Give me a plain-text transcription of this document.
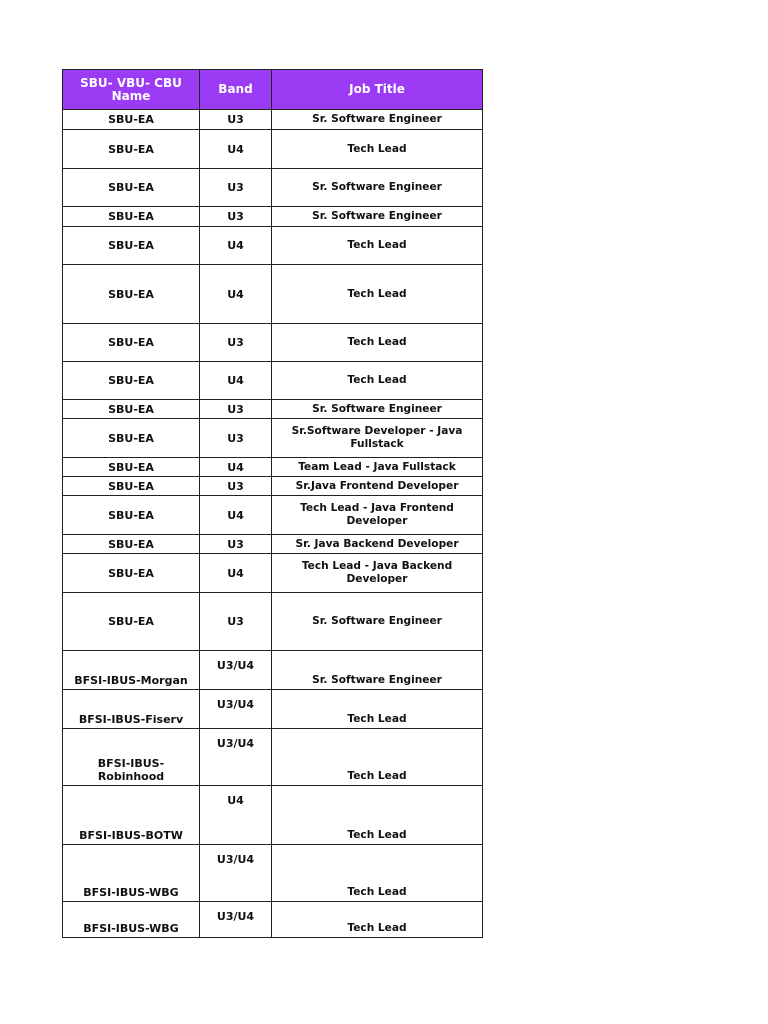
SBU- VBU- CBU Name	Band	Job Title
SBU-EA	U3	Sr. Software Engineer
SBU-EA	U4	Tech Lead
SBU-EA	U3	Sr. Software Engineer
SBU-EA	U3	Sr. Software Engineer
SBU-EA	U4	Tech Lead
SBU-EA	U4	Tech Lead
SBU-EA	U3	Tech Lead
SBU-EA	U4	Tech Lead
SBU-EA	U3	Sr. Software Engineer
SBU-EA	U3	Sr.Software Developer - Java Fullstack
SBU-EA	U4	Team Lead - Java Fullstack
SBU-EA	U3	Sr.Java Frontend Developer
SBU-EA	U4	Tech Lead - Java Frontend Developer
SBU-EA	U3	Sr. Java Backend Developer
SBU-EA	U4	Tech Lead - Java Backend Developer
SBU-EA	U3	Sr. Software Engineer
BFSI-IBUS-Morgan	U3/U4	Sr. Software Engineer
BFSI-IBUS-Fiserv	U3/U4	Tech Lead
BFSI-IBUS-Robinhood	U3/U4	Tech Lead
BFSI-IBUS-BOTW	U4	Tech Lead
BFSI-IBUS-WBG	U3/U4	Tech Lead
BFSI-IBUS-WBG	U3/U4	Tech Lead
